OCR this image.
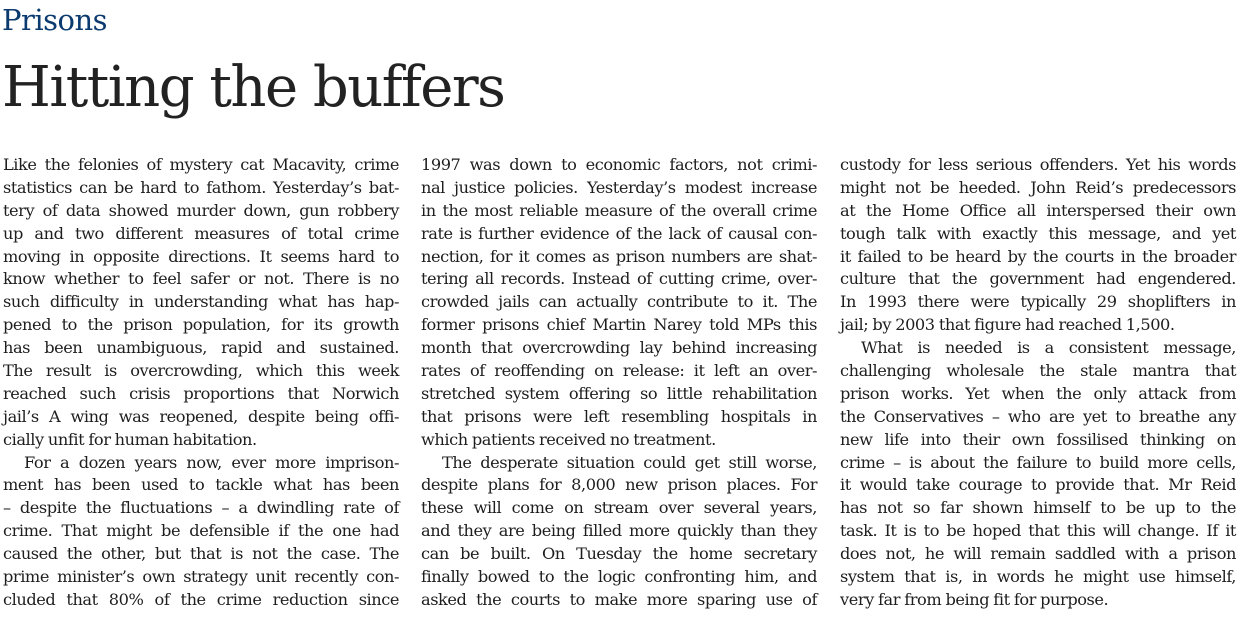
Prisons
Hitting the buffers
Like the felonies of mystery cat Macavity, crime
statistics can be hard to fathom. Yesterday’s bat-
tery of data showed murder down, gun robbery
up and two different measures of total crime
moving in opposite directions. It seems hard to
know whether to feel safer or not. There is no
such difficulty in understanding what has hap-
pened to the prison population, for its growth
has been unambiguous, rapid and sustained.
The result is overcrowding, which this week
reached such crisis proportions that Norwich
jail’s A wing was reopened, despite being offi-
cially unfit for human habitation.
For a dozen years now, ever more imprison-
ment has been used to tackle what has been
– despite the fluctuations – a dwindling rate of
crime. That might be defensible if the one had
caused the other, but that is not the case. The
prime minister’s own strategy unit recently con-
cluded that 80% of the crime reduction since
1997 was down to economic factors, not crimi-
nal justice policies. Yesterday’s modest increase
in the most reliable measure of the overall crime
rate is further evidence of the lack of causal con-
nection, for it comes as prison numbers are shat-
tering all records. Instead of cutting crime, over-
crowded jails can actually contribute to it. The
former prisons chief Martin Narey told MPs this
month that overcrowding lay behind increasing
rates of reoffending on release: it left an over-
stretched system offering so little rehabilitation
that prisons were left resembling hospitals in
which patients received no treatment.
The desperate situation could get still worse,
despite plans for 8,000 new prison places. For
these will come on stream over several years,
and they are being filled more quickly than they
can be built. On Tuesday the home secretary
finally bowed to the logic confronting him, and
asked the courts to make more sparing use of
custody for less serious offenders. Yet his words
might not be heeded. John Reid’s predecessors
at the Home Office all interspersed their own
tough talk with exactly this message, and yet
it failed to be heard by the courts in the broader
culture that the government had engendered.
In 1993 there were typically 29 shoplifters in
jail; by 2003 that figure had reached 1,500.
What is needed is a consistent message,
challenging wholesale the stale mantra that
prison works. Yet when the only attack from
the Conservatives – who are yet to breathe any
new life into their own fossilised thinking on
crime – is about the failure to build more cells,
it would take courage to provide that. Mr Reid
has not so far shown himself to be up to the
task. It is to be hoped that this will change. If it
does not, he will remain saddled with a prison
system that is, in words he might use himself,
very far from being fit for purpose.
